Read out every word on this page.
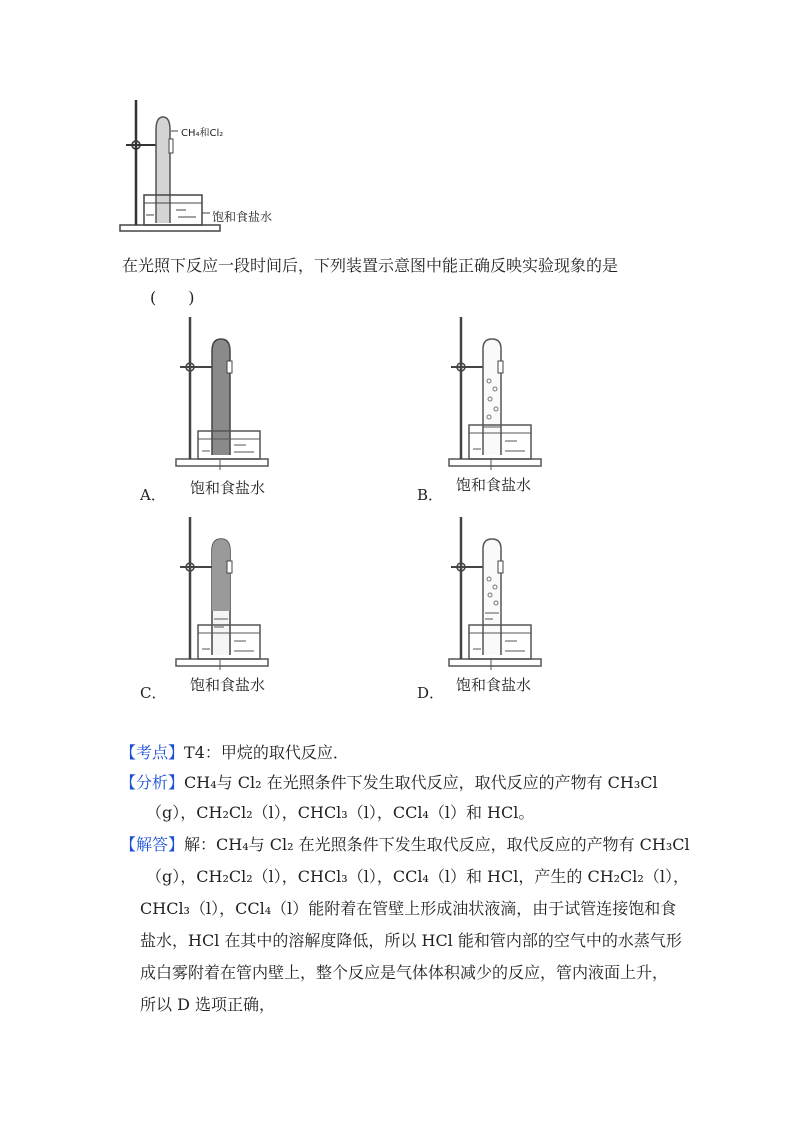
CH₄和Cl₂
饱和食盐水
在光照下反应一段时间后，下列装置示意图中能正确反映实验现象的是
(　　)
A． 饱和食盐水	B．
饱和食盐水
C． 饱和食盐水	D． 饱和食盐水
【考点】T4：甲烷的取代反应．
【分析】CH₄与 Cl₂ 在光照条件下发生取代反应，取代反应的产物有 CH₃Cl
（g），CH₂Cl₂（l），CHCl₃（l），CCl₄（l）和 HCl。
【解答】解：CH₄与 Cl₂ 在光照条件下发生取代反应，取代反应的产物有 CH₃Cl
（g），CH₂Cl₂（l），CHCl₃（l），CCl₄（l）和 HCl，产生的 CH₂Cl₂（l），
CHCl₃（l），CCl₄（l）能附着在管壁上形成油状液滴，由于试管连接饱和食
盐水，HCl 在其中的溶解度降低，所以 HCl 能和管内部的空气中的水蒸气形
成白雾附着在管内壁上，整个反应是气体体积减少的反应，管内液面上升，
所以 D 选项正确，
